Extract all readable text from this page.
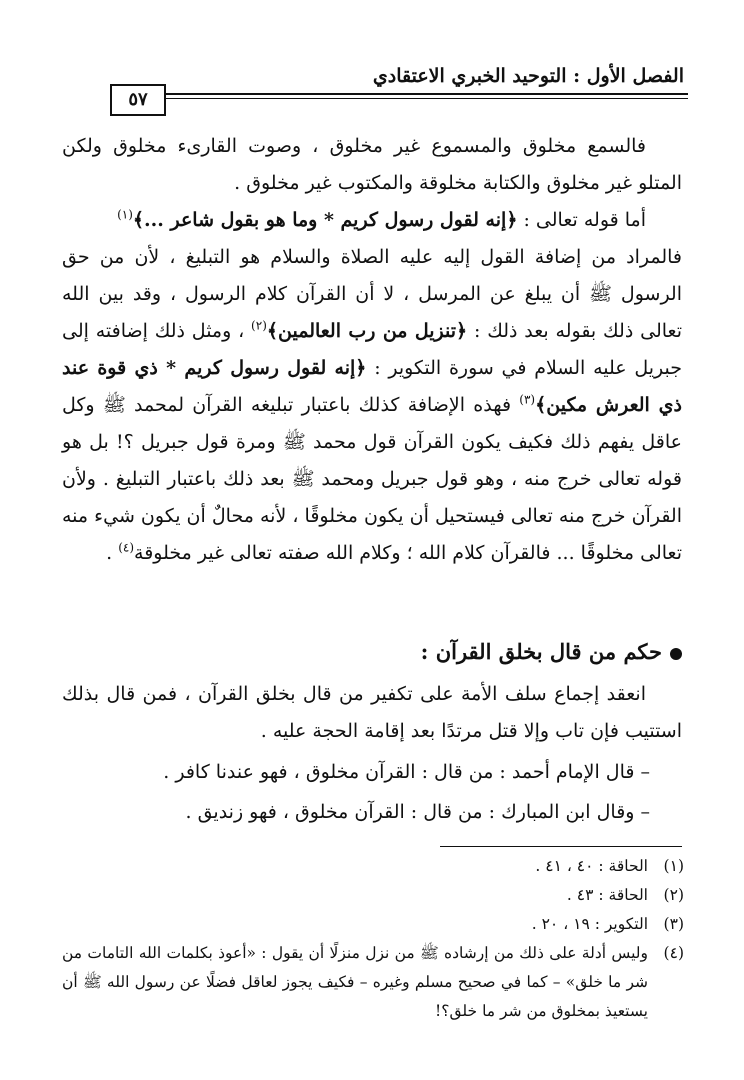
الفصل الأول : التوحيد الخبري الاعتقادي
٥٧

فالسمع مخلوق والمسموع غير مخلوق ، وصوت القارىء مخلوق ولكن المتلو غير مخلوق والكتابة مخلوقة والمكتوب غير مخلوق .

أما قوله تعالى : ﴿إنه لقول رسول كريم * وما هو بقول شاعر ...﴾$^{(١)}$

فالمراد من إضافة القول إليه عليه الصلاة والسلام هو التبليغ ، لأن من حق الرسول ﷺ أن يبلغ عن المرسل ، لا أن القرآن كلام الرسول ، وقد بين الله تعالى ذلك بقوله بعد ذلك : ﴿تنزيل من رب العالمين﴾$^{(٢)}$ ، ومثل ذلك إضافته إلى جبريل عليه السلام في سورة التكوير : ﴿إنه لقول رسول كريم * ذي قوة عند ذي العرش مكين﴾$^{(٣)}$ فهذه الإضافة كذلك باعتبار تبليغه القرآن لمحمد ﷺ وكل عاقل يفهم ذلك فكيف يكون القرآن قول محمد ﷺ ومرة قول جبريل ؟! بل هو قوله تعالى خرج منه ، وهو قول جبريل ومحمد ﷺ بعد ذلك باعتبار التبليغ . ولأن القرآن خرج منه تعالى فيستحيل أن يكون مخلوقًا ، لأنه محالٌ أن يكون شيء منه تعالى مخلوقًا ... فالقرآن كلام الله ؛ وكلام الله صفته تعالى غير مخلوقة$^{(٤)}$ .

حكم من قال بخلق القرآن :

انعقد إجماع سلف الأمة على تكفير من قال بخلق القرآن ، فمن قال بذلك استتيب فإن تاب وإلا قتل مرتدًا بعد إقامة الحجة عليه .

– قال الإمام أحمد : من قال : القرآن مخلوق ، فهو عندنا كافر .
– وقال ابن المبارك : من قال : القرآن مخلوق ، فهو زنديق .
(١)
الحاقة : ٤٠ ، ٤١ .
(٢)
الحاقة : ٤٣ .
(٣)
التكوير : ١٩ ، ٢٠ .
(٤)
وليس أدلة على ذلك من إرشاده ﷺ من نزل منزلًا أن يقول : «أعوذ بكلمات الله التامات من شر ما خلق» – كما في صحيح مسلم وغيره – فكيف يجوز لعاقل فضلًا عن رسول الله ﷺ أن يستعيذ بمخلوق من شر ما خلق؟!
